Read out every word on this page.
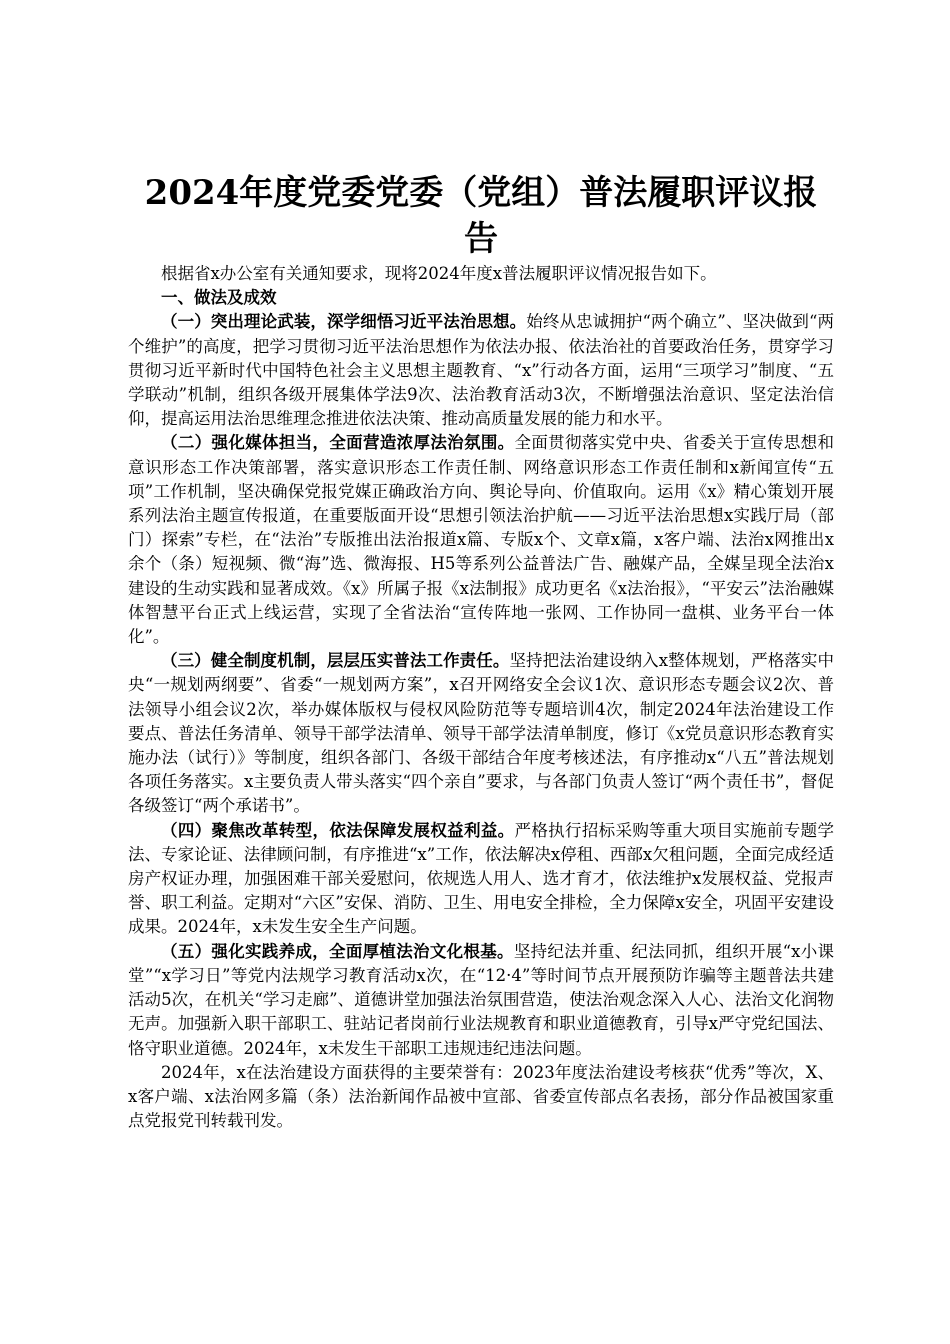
2024年度党委党委（党组）普法履职评议报告

根据省x办公室有关通知要求，现将2024年度x普法履职评议情况报告如下。

一、做法及成效

（一）突出理论武装，深学细悟习近平法治思想。始终从忠诚拥护“两个确立”、坚决做到“两个维护”的高度，把学习贯彻习近平法治思想作为依法办报、依法治社的首要政治任务，贯穿学习贯彻习近平新时代中国特色社会主义思想主题教育、“x”行动各方面，运用“三项学习”制度、“五学联动”机制，组织各级开展集体学法9次、法治教育活动3次，不断增强法治意识、坚定法治信仰，提高运用法治思维理念推进依法决策、推动高质量发展的能力和水平。

（二）强化媒体担当，全面营造浓厚法治氛围。全面贯彻落实党中央、省委关于宣传思想和意识形态工作决策部署，落实意识形态工作责任制、网络意识形态工作责任制和x新闻宣传“五项”工作机制，坚决确保党报党媒正确政治方向、舆论导向、价值取向。运用《x》精心策划开展系列法治主题宣传报道，在重要版面开设“思想引领法治护航——习近平法治思想x实践厅局（部门）探索”专栏，在“法治”专版推出法治报道x篇、专版x个、文章x篇，x客户端、法治x网推出x余个（条）短视频、微“海”选、微海报、H5等系列公益普法广告、融媒产品，全媒呈现全法治x建设的生动实践和显著成效。《x》所属子报《x法制报》成功更名《x法治报》，“平安云”法治融媒体智慧平台正式上线运营，实现了全省法治“宣传阵地一张网、工作协同一盘棋、业务平台一体化”。

（三）健全制度机制，层层压实普法工作责任。坚持把法治建设纳入x整体规划，严格落实中央“一规划两纲要”、省委“一规划两方案”，x召开网络安全会议1次、意识形态专题会议2次、普法领导小组会议2次，举办媒体版权与侵权风险防范等专题培训4次，制定2024年法治建设工作要点、普法任务清单、领导干部学法清单、领导干部学法清单制度，修订《x党员意识形态教育实施办法（试行）》等制度，组织各部门、各级干部结合年度考核述法，有序推动x“八五”普法规划各项任务落实。x主要负责人带头落实“四个亲自”要求，与各部门负责人签订“两个责任书”，督促各级签订“两个承诺书”。

（四）聚焦改革转型，依法保障发展权益利益。严格执行招标采购等重大项目实施前专题学法、专家论证、法律顾问制，有序推进“x”工作，依法解决x停租、西部x欠租问题，全面完成经适房产权证办理，加强困难干部关爱慰问，依规选人用人、选才育才，依法维护x发展权益、党报声誉、职工利益。定期对“六区”安保、消防、卫生、用电安全排检，全力保障x安全，巩固平安建设成果。2024年，x未发生安全生产问题。

（五）强化实践养成，全面厚植法治文化根基。坚持纪法并重、纪法同抓，组织开展“x小课堂”“x学习日”等党内法规学习教育活动x次，在“12·4”等时间节点开展预防诈骗等主题普法共建活动5次，在机关“学习走廊”、道德讲堂加强法治氛围营造，使法治观念深入人心、法治文化润物无声。加强新入职干部职工、驻站记者岗前行业法规教育和职业道德教育，引导x严守党纪国法、恪守职业道德。2024年，x未发生干部职工违规违纪违法问题。

2024年，x在法治建设方面获得的主要荣誉有：2023年度法治建设考核获“优秀”等次，X、x客户端、x法治网多篇（条）法治新闻作品被中宣部、省委宣传部点名表扬，部分作品被国家重点党报党刊转载刊发。
